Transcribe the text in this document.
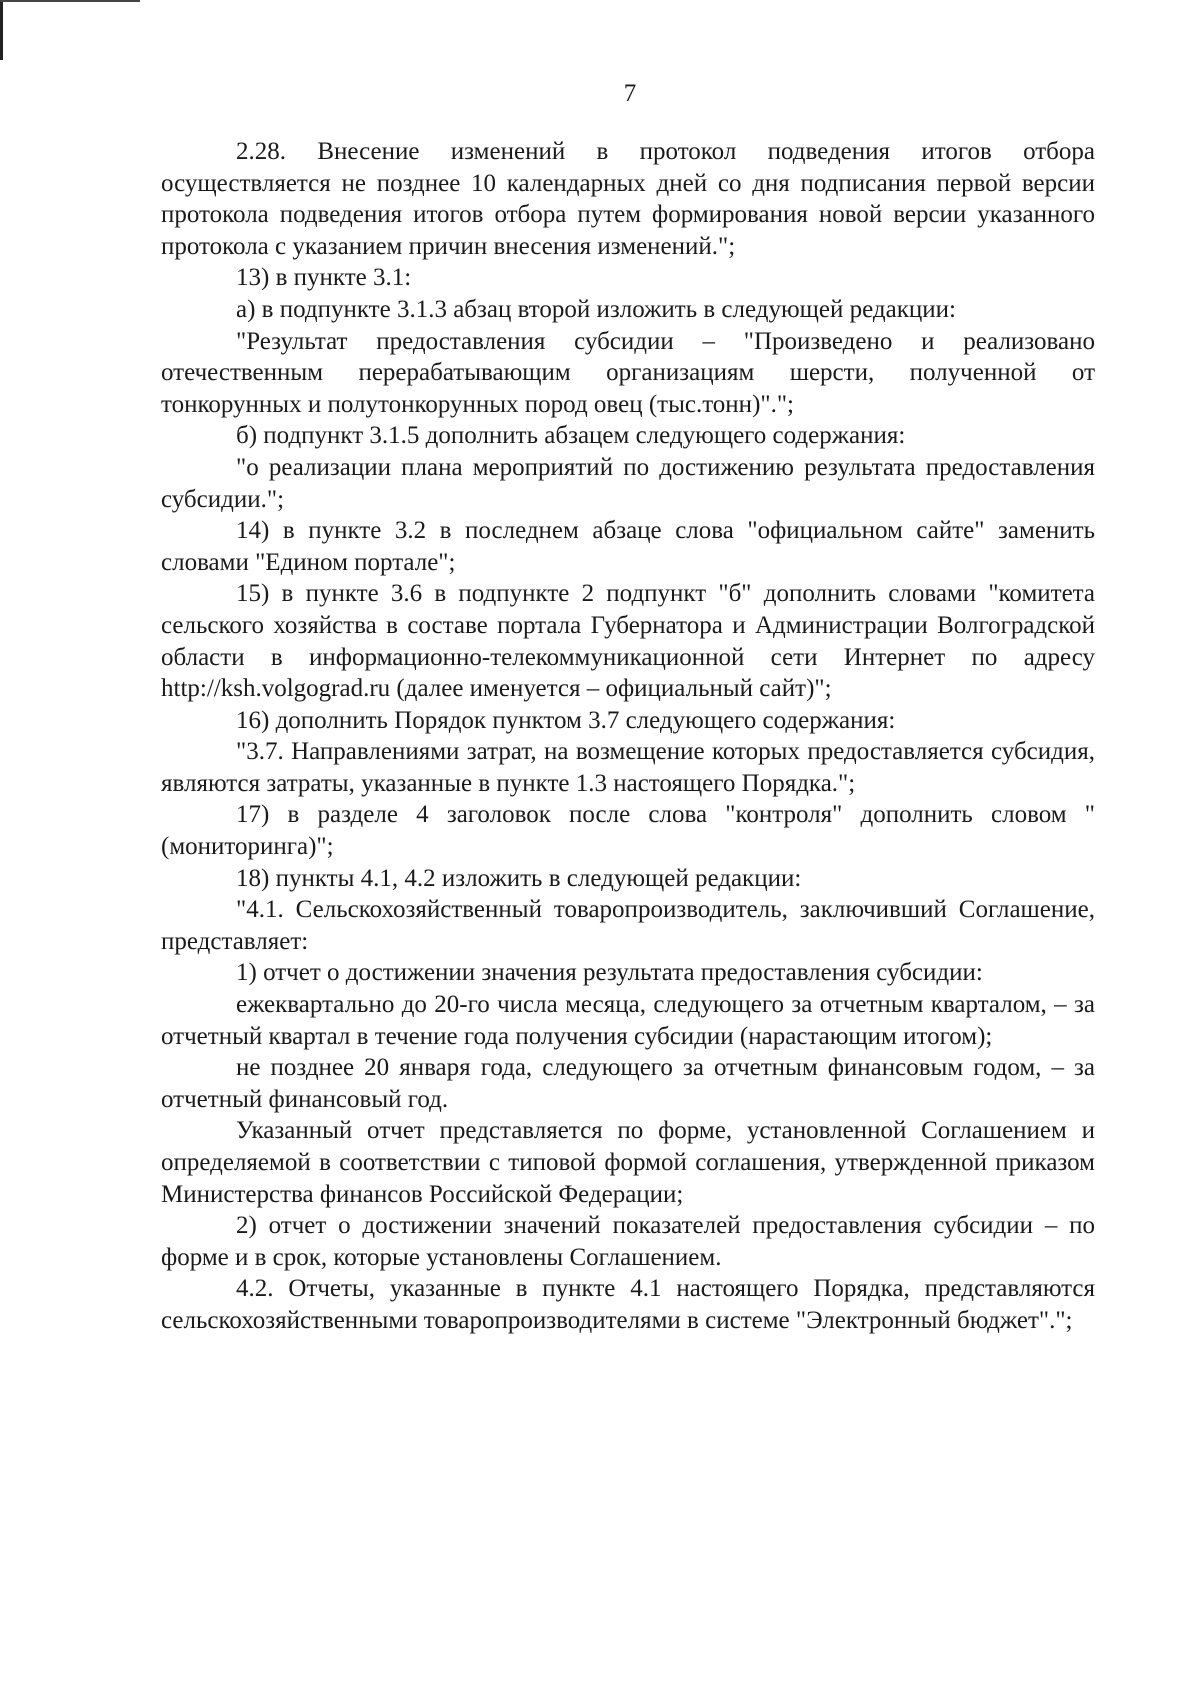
7

2.28. Внесение изменений в протокол подведения итогов отбора осуществляется не позднее 10 календарных дней со дня подписания первой версии протокола подведения итогов отбора путем формирования новой версии указанного протокола с указанием причин внесения изменений.";

13) в пункте 3.1:

а) в подпункте 3.1.3 абзац второй изложить в следующей редакции:

"Результат предоставления субсидии – "Произведено и реализовано отечественным перерабатывающим организациям шерсти, полученной от тонкорунных и полутонкорунных пород овец (тыс.тонн)".";

б) подпункт 3.1.5 дополнить абзацем следующего содержания:

"о реализации плана мероприятий по достижению результата предоставления субсидии.";

14) в пункте 3.2 в последнем абзаце слова "официальном сайте" заменить словами "Едином портале";

15) в пункте 3.6 в подпункте 2 подпункт "б" дополнить словами "комитета сельского хозяйства в составе портала Губернатора и Администрации Волгоградской области в информационно-телекоммуникационной сети Интернет по адресу http://ksh.volgograd.ru (далее именуется – официальный сайт)";

16) дополнить Порядок пунктом 3.7 следующего содержания:

"3.7. Направлениями затрат, на возмещение которых предоставляется субсидия, являются затраты, указанные в пункте 1.3 настоящего Порядка.";

17) в разделе 4 заголовок после слова "контроля" дополнить словом "(мониторинга)";

18) пункты 4.1, 4.2 изложить в следующей редакции:

"4.1. Сельскохозяйственный товаропроизводитель, заключивший Соглашение, представляет:

1) отчет о достижении значения результата предоставления субсидии:

ежеквартально до 20-го числа месяца, следующего за отчетным кварталом, – за отчетный квартал в течение года получения субсидии (нарастающим итогом);

не позднее 20 января года, следующего за отчетным финансовым годом, – за отчетный финансовый год.

Указанный отчет представляется по форме, установленной Соглашением и определяемой в соответствии с типовой формой соглашения, утвержденной приказом Министерства финансов Российской Федерации;

2) отчет о достижении значений показателей предоставления субсидии – по форме и в срок, которые установлены Соглашением.

4.2. Отчеты, указанные в пункте 4.1 настоящего Порядка, представляются сельскохозяйственными товаропроизводителями в системе "Электронный бюджет".";
